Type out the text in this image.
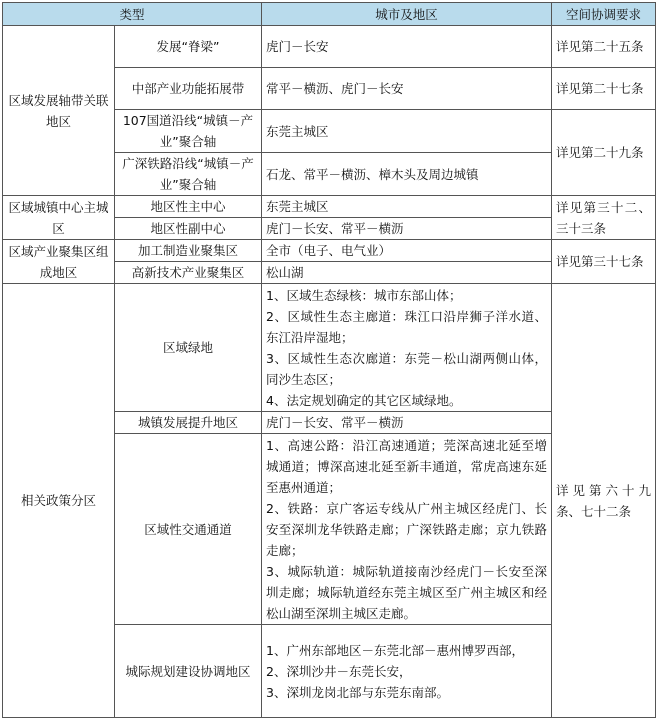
类型		城市及地区	空间协调要求
区域发展轴带关联地区	发展“脊梁”	虎门－长安	详见第二十五条
	中部产业功能拓展带	常平－横沥、虎门－长安	详见第二十七条
	107国道沿线“城镇－产业”聚合轴	东莞主城区	详见第二十九条
	广深铁路沿线“城镇－产业”聚合轴	石龙、常平－横沥、樟木头及周边城镇	
区域城镇中心主城区	地区性主中心	东莞主城区	详见第三十二、三十三条
	地区性副中心	虎门－长安、常平－横沥	
区域产业聚集区组成地区	加工制造业聚集区	全市（电子、电气业）	详见第三十七条
	高新技术产业聚集区	松山湖	
相关政策分区	区域绿地	1、区域生态绿核：城市东部山体；
2、区域性生态主廊道：珠江口沿岸狮子洋水道、东江沿岸湿地；
3、区域性生态次廊道：东莞－松山湖两侧山体，同沙生态区；
4、法定规划确定的其它区域绿地。	详见第六十九条、七十二条
	城镇发展提升地区	虎门－长安、常平－横沥	
	区域性交通通道	1、高速公路：沿江高速通道；莞深高速北延至增城通道；博深高速北延至新丰通道，常虎高速东延至惠州通道；
2、铁路：京广客运专线从广州主城区经虎门、长安至深圳龙华铁路走廊；广深铁路走廊；京九铁路走廊；
3、城际轨道：城际轨道接南沙经虎门－长安至深圳走廊；城际轨道经东莞主城区至广州主城区和经松山湖至深圳主城区走廊。	

	城际规划建设协调地区	1、广州东部地区－东莞北部－惠州博罗西部，
2、深圳沙井－东莞长安，
3、深圳龙岗北部与东莞东南部。	
